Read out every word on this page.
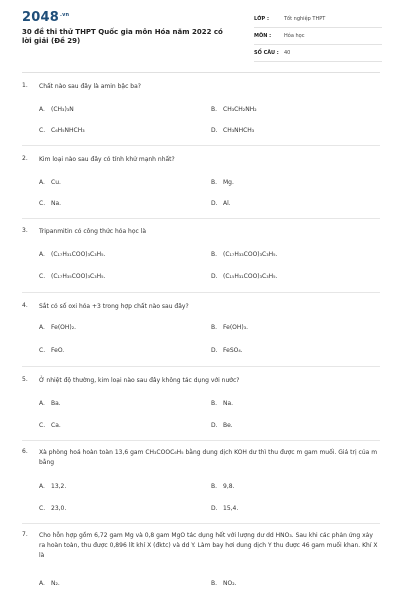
$2048^{.vn}$
30 đề thi thử THPT Quốc gia môn Hóa năm 2022 có lời giải (Đề 29)
LỚP :	Tốt nghiệp THPT
MÔN :	Hóa học
SỐ CÂU : 40
1. Chất nào sau đây là amin bậc ba?
A. (CH₃)₃N	B. CH₃CH₂NH₂
C. C₆H₅NHCH₃	D. CH₃NHCH₃
2. Kim loại nào sau đây có tính khử mạnh nhất?
A. Cu.	B. Mg.
C. Na.	D. Al.
3. Tripanmitin có công thức hóa học là
A. (C₁₇H₃₁COO)₃C₃H₅.	B. (C₁₇H₃₃COO)₃C₃H₅.
C. (C₁₇H₃₅COO)₃C₃H₅.	D. (C₁₅H₃₁COO)₃C₃H₅.
4. Sắt có số oxi hóa +3 trong hợp chất nào sau đây?
A. Fe(OH)₂.	B. Fe(OH)₃.
C. FeO.	D. FeSO₄.
5. Ở nhiệt độ thường, kim loại nào sau đây không tác dụng với nước?
A. Ba.	B. Na.
C. Ca.	D. Be.
6. Xà phòng hoá hoàn toàn 13,6 gam CH₃COOC₆H₅ bằng dung dịch KOH dư thì thu được m gam muối. Giá trị của m bằng
A. 13,2.	B. 9,8.
C. 23,0.	D. 15,4.
7. Cho hỗn hợp gồm 6,72 gam Mg và 0,8 gam MgO tác dụng hết với lượng dư dd HNO₃. Sau khi các phản ứng xảy ra hoàn toàn, thu được 0,896 lít khí X (đktc) và dd Y. Làm bay hơi dung dịch Y thu được 46 gam muối khan. Khí X là
A. N₂.	B. NO₂.
